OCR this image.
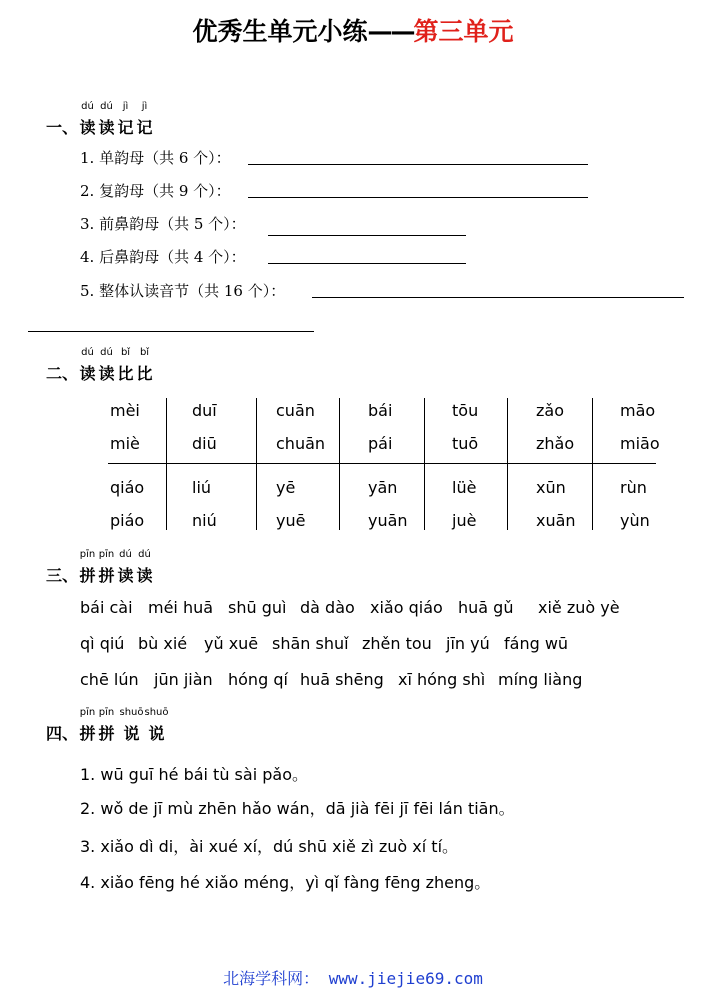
优秀生单元小练——第三单元
一、
dú
读
dú
读
jì
记
jì
记
1. 单韵母（共 6 个）：
2. 复韵母（共 9 个）：
3. 前鼻韵母（共 5 个）：
4. 后鼻韵母（共 4 个）：
5. 整体认读音节（共 16 个）：
二、
dú
读
dú
读
bǐ
比
bǐ
比
mèi	duī	cuān	bái	tōu	zǎo	māo
miè	diū	chuān	pái	tuō	zhǎo	miāo
qiáo	liú	yē	yān	lüè	xūn	rùn
piáo	niú	yuē	yuān	juè	xuān	yùn
三、
pīn
拼
pīn
拼
dú
读
dú
读
bái cài méi huā shū guì dà dào xiǎo qiáo huā gǔ xiě zuò yè
qì qiú bù xié yǔ xuē shān shuǐ zhěn tou jīn yú fáng wū
chē lún jūn jiàn hóng qí huā shēng xī hóng shì míng liàng
四、
pīn
拼
pīn
拼
shuō
说
shuō
说
1. wū guī hé bái tù sài pǎo。
2. wǒ de jī mù zhēn hǎo wán，dā jià fēi jī fēi lán tiān。
3. xiǎo dì di，ài xué xí，dú shū xiě zì zuò xí tí。
4. xiǎo fēng hé xiǎo méng，yì qǐ fàng fēng zheng。
北海学科网： www.jiejie69.com
